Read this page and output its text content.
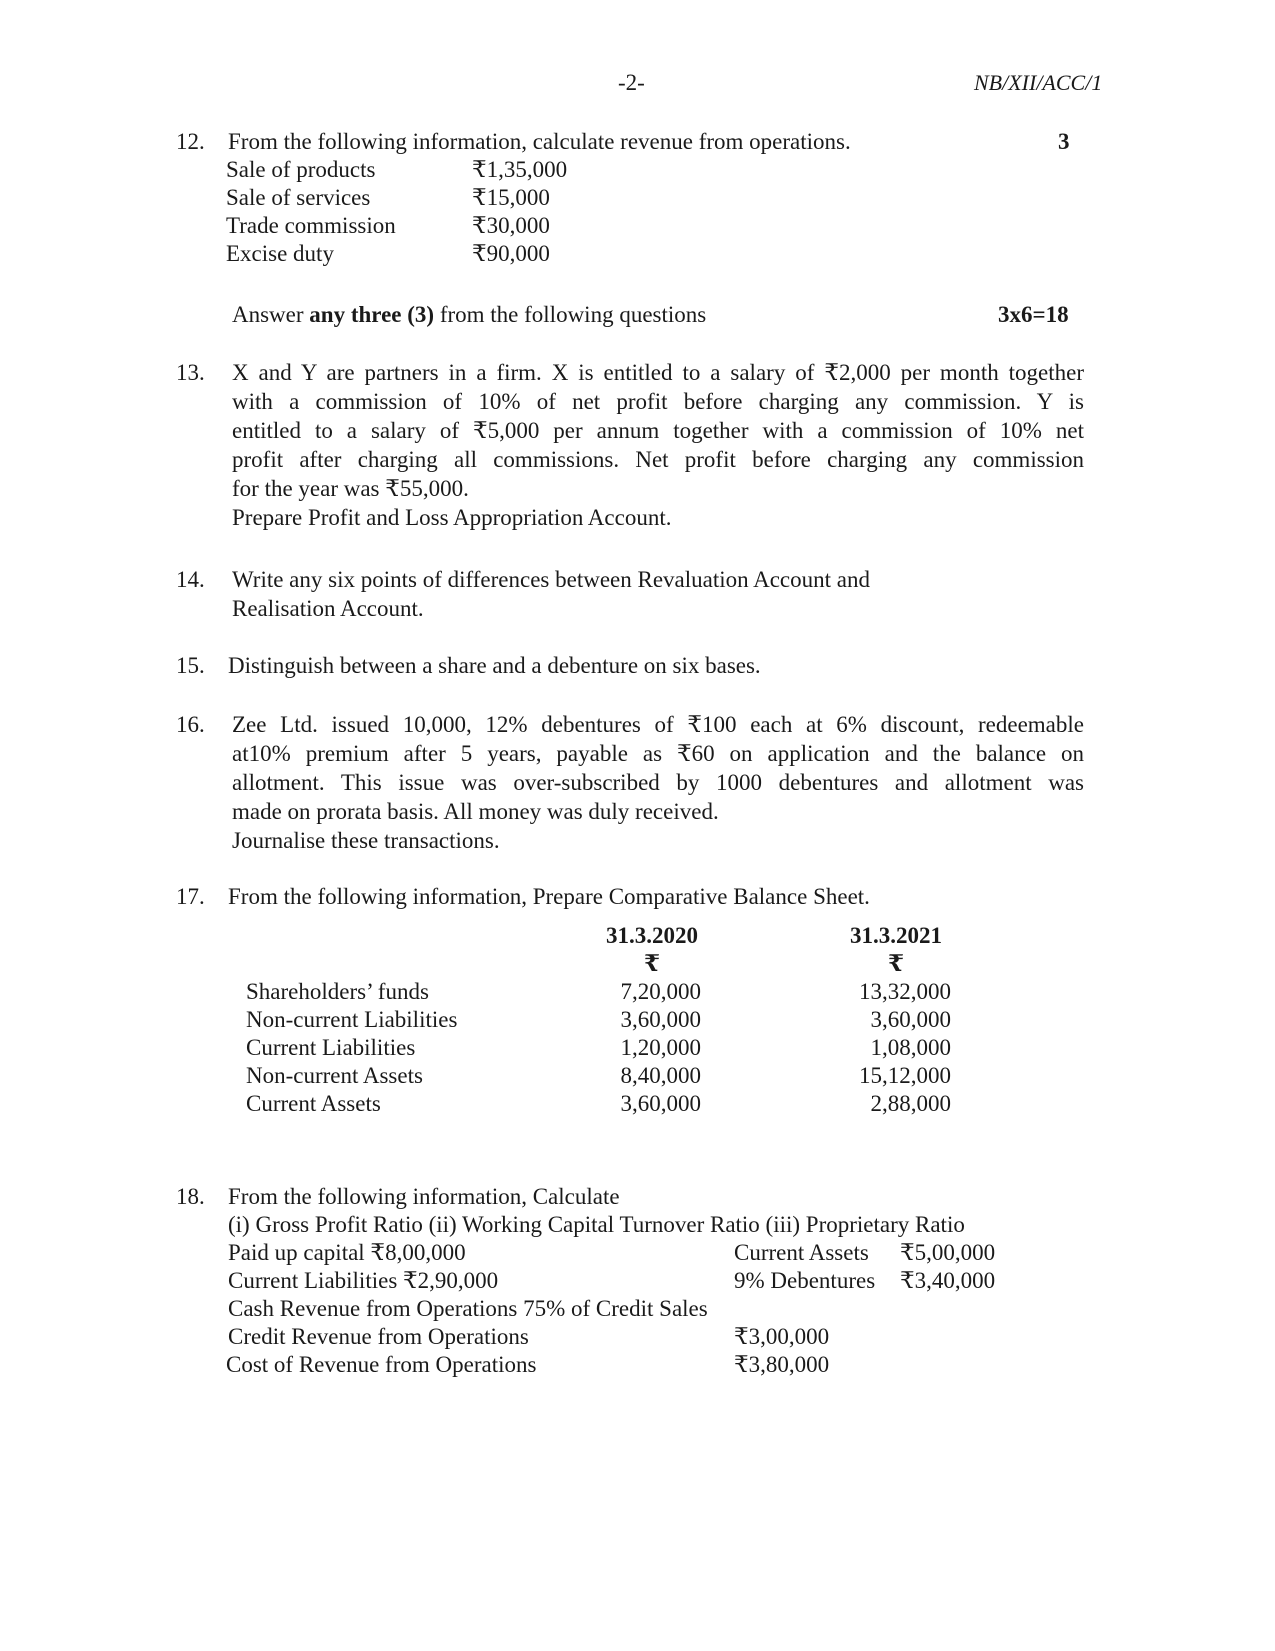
-2-	NB/XII/ACC/1
12. From the following information, calculate revenue from operations.	3
Sale of products	₹1,35,000
Sale of services	₹15,000
Trade commission	₹30,000
Excise duty	₹90,000
Answer any three (3) from the following questions	3x6=18
13. X and Y are partners in a firm. X is entitled to a salary of ₹2,000 per month together
with a commission of 10% of net profit before charging any commission. Y is
entitled to a salary of ₹5,000 per annum together with a commission of 10% net
profit after charging all commissions. Net profit before charging any commission
for the year was ₹55,000.
Prepare Profit and Loss Appropriation Account.
14. Write any six points of differences between Revaluation Account and
Realisation Account.
15. Distinguish between a share and a debenture on six bases.
16. Zee Ltd. issued 10,000, 12% debentures of ₹100 each at 6% discount, redeemable
at10% premium after 5 years, payable as ₹60 on application and the balance on
allotment. This issue was over-subscribed by 1000 debentures and allotment was
made on prorata basis. All money was duly received.
Journalise these transactions.
17. From the following information, Prepare Comparative Balance Sheet.
31.3.2020	31.3.2021
₹	₹
Shareholders’ funds	7,20,000	13,32,000
Non-current Liabilities	3,60,000	3,60,000
Current Liabilities	1,20,000	1,08,000
Non-current Assets	8,40,000	15,12,000
Current Assets	3,60,000	2,88,000
18. From the following information, Calculate
(i) Gross Profit Ratio (ii) Working Capital Turnover Ratio (iii) Proprietary Ratio
Paid up capital ₹8,00,000	Current Assets ₹5,00,000
Current Liabilities ₹2,90,000	9% Debentures ₹3,40,000
Cash Revenue from Operations 75% of Credit Sales
Credit Revenue from Operations	₹3,00,000
Cost of Revenue from Operations	₹3,80,000
